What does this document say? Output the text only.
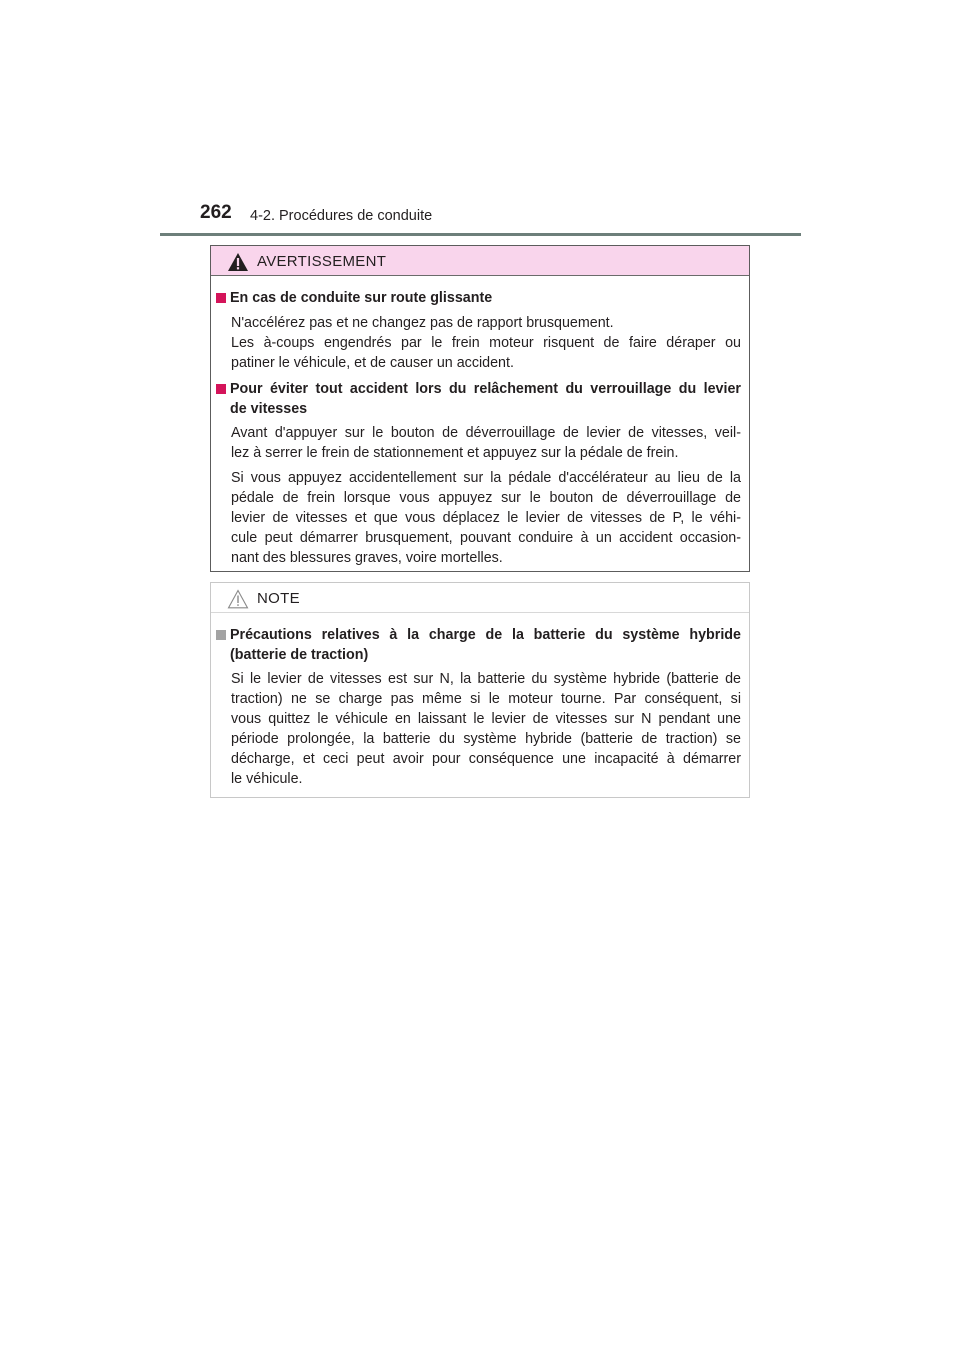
262 4-2. Procédures de conduite
AVERTISSEMENT
En cas de conduite sur route glissante
N'accélérez pas et ne changez pas de rapport brusquement.
Les à-coups engendrés par le frein moteur risquent de faire déraper ou
patiner le véhicule, et de causer un accident.
Pour éviter tout accident lors du relâchement du verrouillage du levier
de vitesses
Avant d'appuyer sur le bouton de déverrouillage de levier de vitesses, veil-
lez à serrer le frein de stationnement et appuyez sur la pédale de frein.
Si vous appuyez accidentellement sur la pédale d'accélérateur au lieu de la
pédale de frein lorsque vous appuyez sur le bouton de déverrouillage de
levier de vitesses et que vous déplacez le levier de vitesses de P, le véhi-
cule peut démarrer brusquement, pouvant conduire à un accident occasion-
nant des blessures graves, voire mortelles.
NOTE
Précautions relatives à la charge de la batterie du système hybride
(batterie de traction)
Si le levier de vitesses est sur N, la batterie du système hybride (batterie de
traction) ne se charge pas même si le moteur tourne. Par conséquent, si
vous quittez le véhicule en laissant le levier de vitesses sur N pendant une
période prolongée, la batterie du système hybride (batterie de traction) se
décharge, et ceci peut avoir pour conséquence une incapacité à démarrer
le véhicule.
